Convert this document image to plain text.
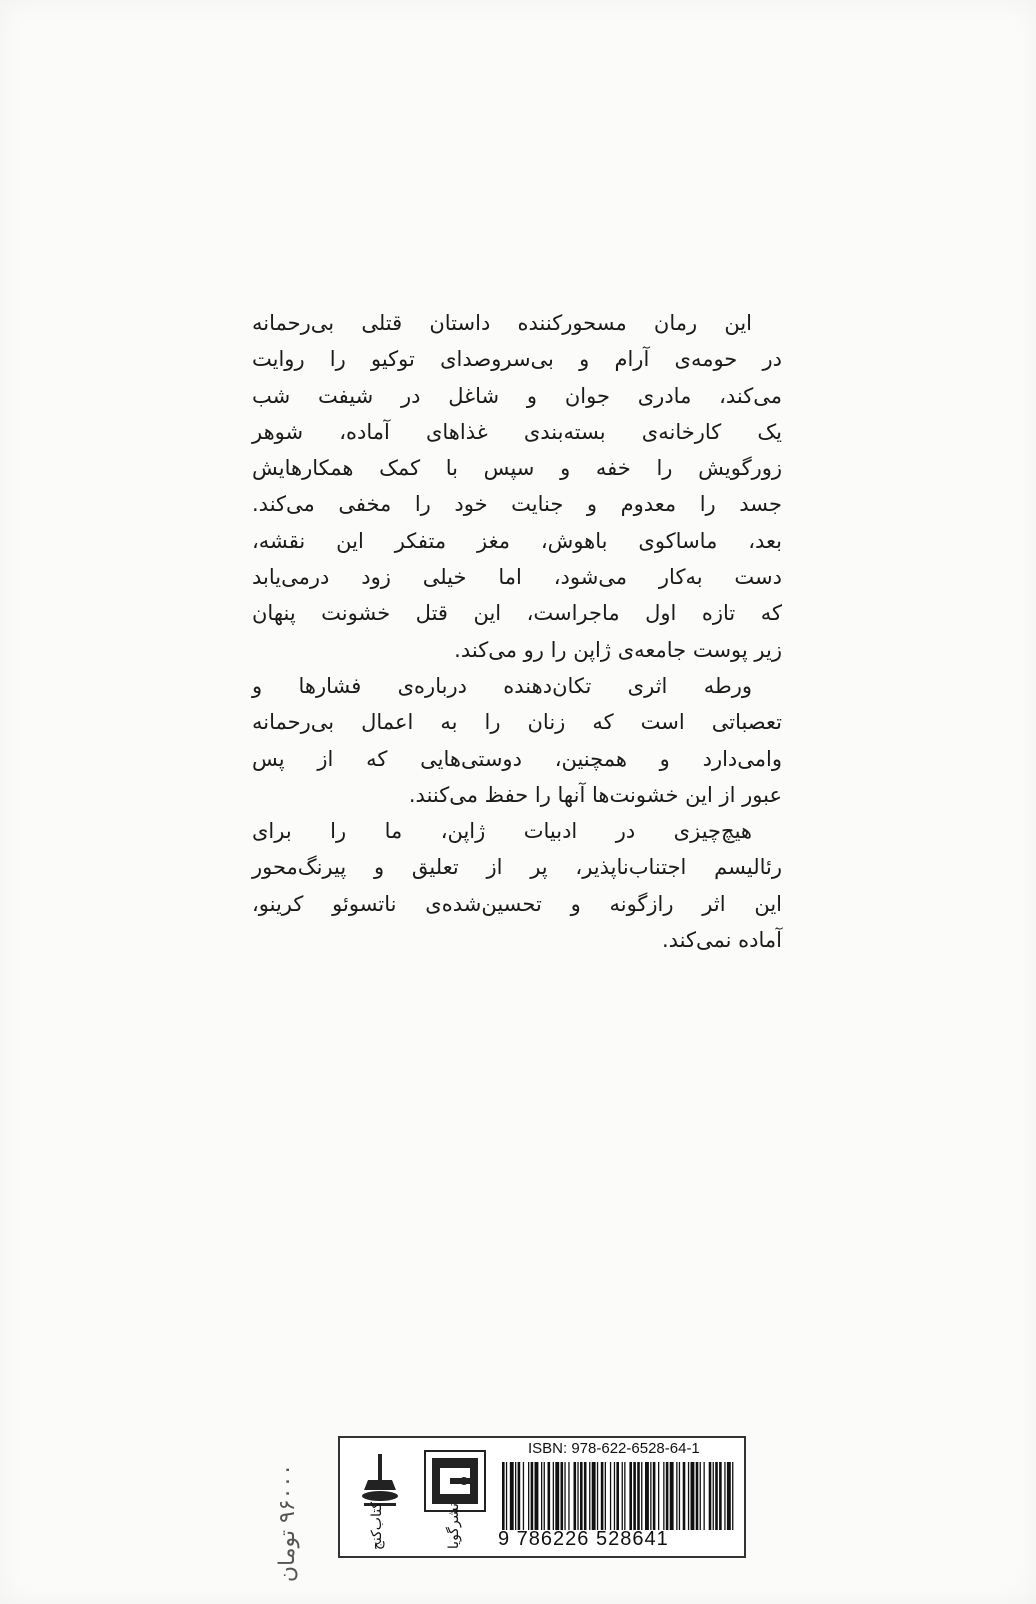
این رمان مسحورکننده داستان قتلی بی‌رحمانه
در حومه‌ی آرام و بی‌سروصدای توکیو را روایت
می‌کند، مادری جوان و شاغل در شیفت شب
یک کارخانه‌ی بسته‌بندی غذاهای آماده، شوهر
زورگویش را خفه و سپس با کمک همکارهایش
جسد را معدوم و جنایت خود را مخفی می‌کند.
بعد، ماساکوی باهوش، مغز متفکر این نقشه،
دست به‌کار می‌شود، اما خیلی زود درمی‌یابد
که تازه اول ماجراست، این قتل خشونت پنهان
زیر پوست جامعه‌ی ژاپن را رو می‌کند.

ورطه اثری تکان‌دهنده درباره‌ی فشارها و
تعصباتی است که زنان را به اعمال بی‌رحمانه
وامی‌دارد و همچنین، دوستی‌هایی که از پس
عبور از این خشونت‌ها آنها را حفظ می‌کنند.

هیچ‌چیزی در ادبیات ژاپن، ما را برای
رئالیسم اجتناب‌ناپذیر، پر از تعلیق و پیرنگ‌محور
این اثر رازگونه و تحسین‌شده‌ی ناتسوئو کرینو،
آماده نمی‌کند.

۹۶۰۰۰ تومان
ISBN: 978-622-6528-64-1
9 786226 528641
نشرگویا
کتاب‌کنج
